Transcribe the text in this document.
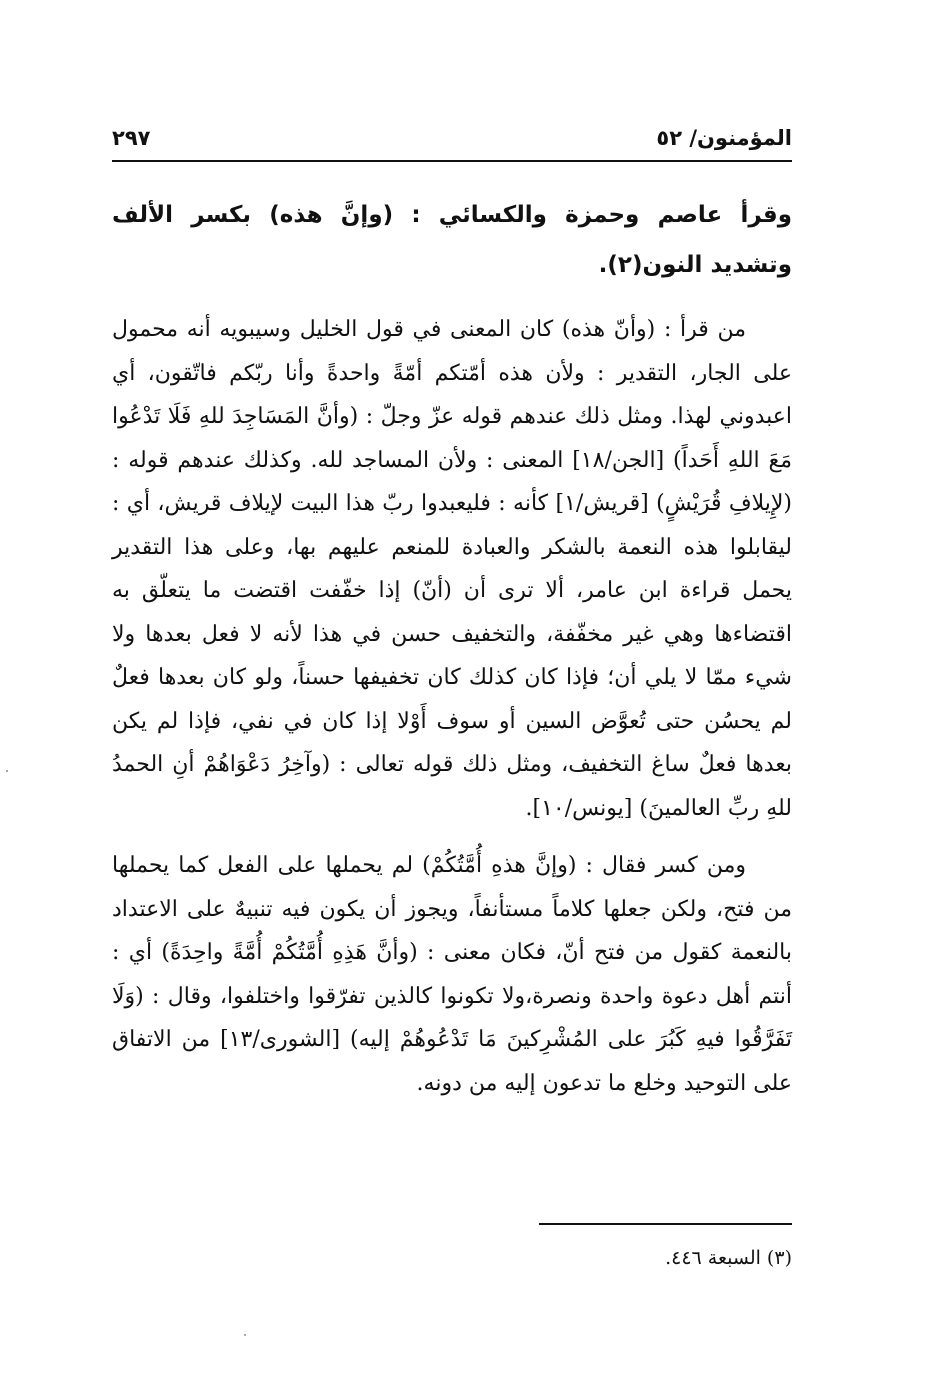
٢٩٧	المؤمنون/ ٥٢

وقرأ عاصم وحمزة والكسائي : (وإنَّ هذه) بكسر الألف وتشديد النون(٢).

من قرأ : (وأنّ هذه) كان المعنى في قول الخليل وسيبويه أنه محمول على الجار، التقدير : ولأن هذه أمّتكم أمّةً واحدةً وأنا ربّكم فاتّقون، أي اعبدوني لهذا. ومثل ذلك عندهم قوله عزّ وجلّ : (وأنَّ المَسَاجِدَ للهِ فَلَا تَدْعُوا مَعَ اللهِ أَحَداً) [الجن/١٨] المعنى : ولأن المساجد لله. وكذلك عندهم قوله : (لإِيلافِ قُرَيْشٍ) [قريش/١] كأنه : فليعبدوا ربّ هذا البيت لإيلاف قريش، أي : ليقابلوا هذه النعمة بالشكر والعبادة للمنعم عليهم بها، وعلى هذا التقدير يحمل قراءة ابن عامر، ألا ترى أن (أنّ) إذا خفّفت اقتضت ما يتعلّق به اقتضاءها وهي غير مخفّفة، والتخفيف حسن في هذا لأنه لا فعل بعدها ولا شيء ممّا لا يلي أن؛ فإذا كان كذلك كان تخفيفها حسناً، ولو كان بعدها فعلٌ لم يحسُن حتى تُعوَّض السين أو سوف أَوْلا إذا كان في نفي، فإذا لم يكن بعدها فعلٌ ساغ التخفيف، ومثل ذلك قوله تعالى : (وآخِرُ دَعْوَاهُمْ أنِ الحمدُ للهِ ربِّ العالمينَ) [يونس/١٠].

ومن كسر فقال : (وإنَّ هذهِ أُمَّتُكُمْ) لم يحملها على الفعل كما يحملها من فتح، ولكن جعلها كلاماً مستأنفاً، ويجوز أن يكون فيه تنبيهٌ على الاعتداد بالنعمة كقول من فتح أنّ، فكان معنى : (وأنَّ هَذِهِ أُمَّتُكُمْ أُمَّةً واحِدَةً) أي : أنتم أهل دعوة واحدة ونصرة،ولا تكونوا كالذين تفرّقوا واختلفوا، وقال : (وَلَا تَفَرَّقُوا فيهِ كَبُرَ على المُشْرِكينَ مَا تَدْعُوهُمْ إليه) [الشورى/١٣] من الاتفاق على التوحيد وخلع ما تدعون إليه من دونه.

(٣) السبعة ٤٤٦.
